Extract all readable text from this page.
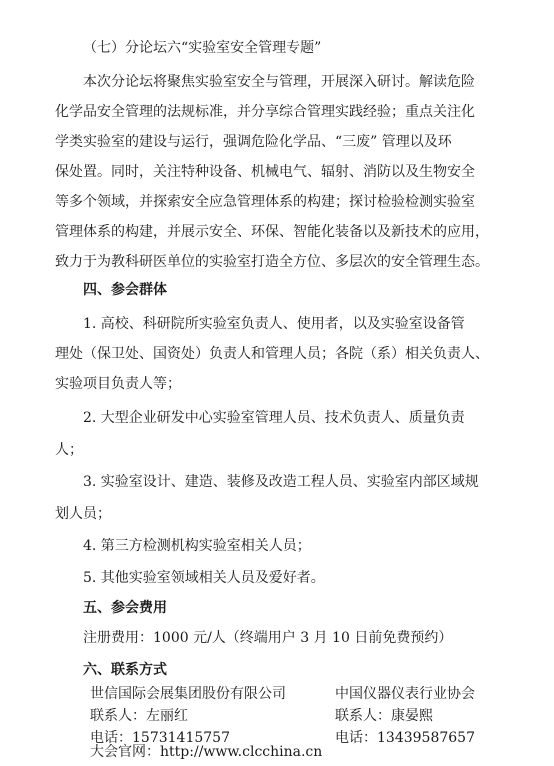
（七）分论坛六“实验室安全管理专题”
本次分论坛将聚焦实验室安全与管理，开展深入研讨。解读危险
化学品安全管理的法规标准，并分享综合管理实践经验；重点关注化
学类实验室的建设与运行，强调危险化学品、“三废” 管理以及环
保处置。同时，关注特种设备、机械电气、辐射、消防以及生物安全
等多个领域，并探索安全应急管理体系的构建；探讨检验检测实验室
管理体系的构建，并展示安全、环保、智能化装备以及新技术的应用，
致力于为教科研医单位的实验室打造全方位、多层次的安全管理生态。
四、参会群体
1. 高校、科研院所实验室负责人、使用者，以及实验室设备管
理处（保卫处、国资处）负责人和管理人员；各院（系）相关负责人、
实验项目负责人等；
2. 大型企业研发中心实验室管理人员、技术负责人、质量负责
人；
3. 实验室设计、建造、装修及改造工程人员、实验室内部区域规
划人员；
4. 第三方检测机构实验室相关人员；
5. 其他实验室领域相关人员及爱好者。
五、参会费用
注册费用：1000 元/人（终端用户 3 月 10 日前免费预约）
六、联系方式
世信国际会展集团股份有限公司	中国仪器仪表行业协会
联系人：左丽红	联系人：康晏熙
电话：15731415757	电话：13439587657
大会官网：http://www.clcchina.cn
